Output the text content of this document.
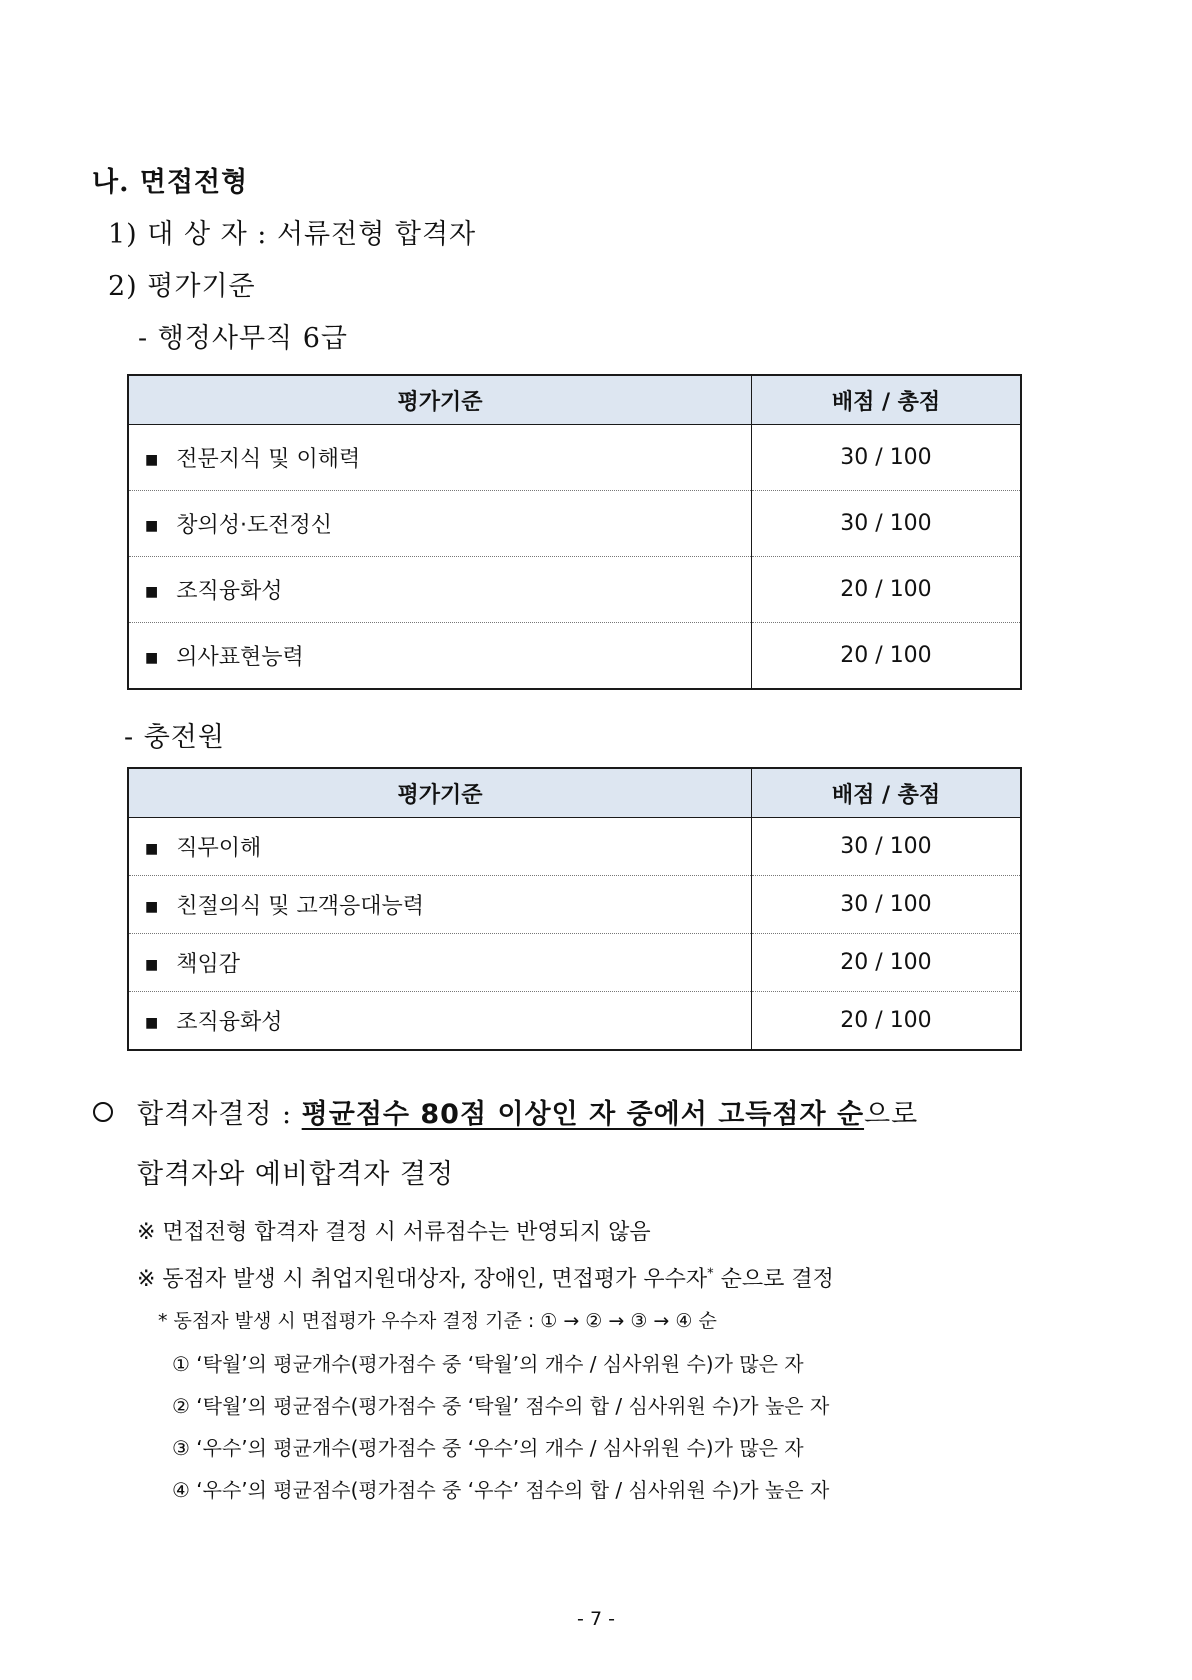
나. 면접전형
1) 대 상 자 : 서류전형 합격자
2) 평가기준
- 행정사무직 6급
평가기준	배점 / 총점
■ 전문지식 및 이해력	30 / 100
■ 창의성·도전정신	30 / 100
■ 조직융화성	20 / 100
■ 의사표현능력	20 / 100
- 충전원
평가기준	배점 / 총점
■ 직무이해	30 / 100
■ 친절의식 및 고객응대능력	30 / 100
■ 책임감	20 / 100
■ 조직융화성	20 / 100
합격자결정 : 평균점수 80점 이상인 자 중에서 고득점자 순으로
합격자와 예비합격자 결정
※ 면접전형 합격자 결정 시 서류점수는 반영되지 않음
※ 동점자 발생 시 취업지원대상자, 장애인, 면접평가 우수자* 순으로 결정
* 동점자 발생 시 면접평가 우수자 결정 기준 : ① → ② → ③ → ④ 순
① ‘탁월’의 평균개수(평가점수 중 ‘탁월’의 개수 / 심사위원 수)가 많은 자
② ‘탁월’의 평균점수(평가점수 중 ‘탁월’ 점수의 합 / 심사위원 수)가 높은 자
③ ‘우수’의 평균개수(평가점수 중 ‘우수’의 개수 / 심사위원 수)가 많은 자
④ ‘우수’의 평균점수(평가점수 중 ‘우수’ 점수의 합 / 심사위원 수)가 높은 자
- 7 -
